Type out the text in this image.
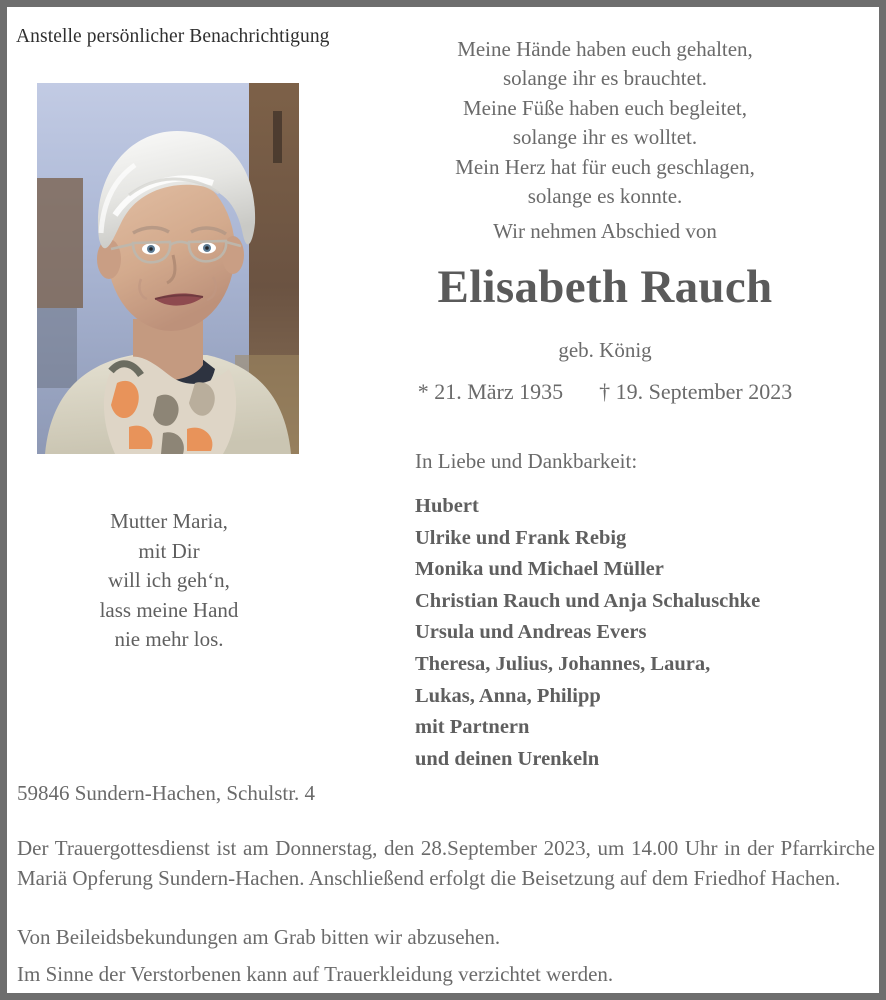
Anstelle persönlicher Benachrichtigung
Mutter Maria,
mit Dir
will ich geh‘n,
lass meine Hand
nie mehr los.
Meine Hände haben euch gehalten,
solange ihr es brauchtet.
Meine Füße haben euch begleitet,
solange ihr es wolltet.
Mein Herz hat für euch geschlagen,
solange es konnte.
Wir nehmen Abschied von
Elisabeth Rauch
geb. König
* 21. März 1935 † 19. September 2023
In Liebe und Dankbarkeit:
Hubert
Ulrike und Frank Rebig
Monika und Michael Müller
Christian Rauch und Anja Schaluschke
Ursula und Andreas Evers
Theresa, Julius, Johannes, Laura,
Lukas, Anna, Philipp
mit Partnern
und deinen Urenkeln
59846 Sundern-Hachen, Schulstr. 4
Der Trauergottesdienst ist am Donnerstag, den 28.September 2023, um 14.00 Uhr in der Pfarrkirche Mariä Opferung Sundern-Hachen. Anschließend erfolgt die Beisetzung auf dem Friedhof Hachen.
Von Beileidsbekundungen am Grab bitten wir abzusehen.
Im Sinne der Verstorbenen kann auf Trauerkleidung verzichtet werden.
